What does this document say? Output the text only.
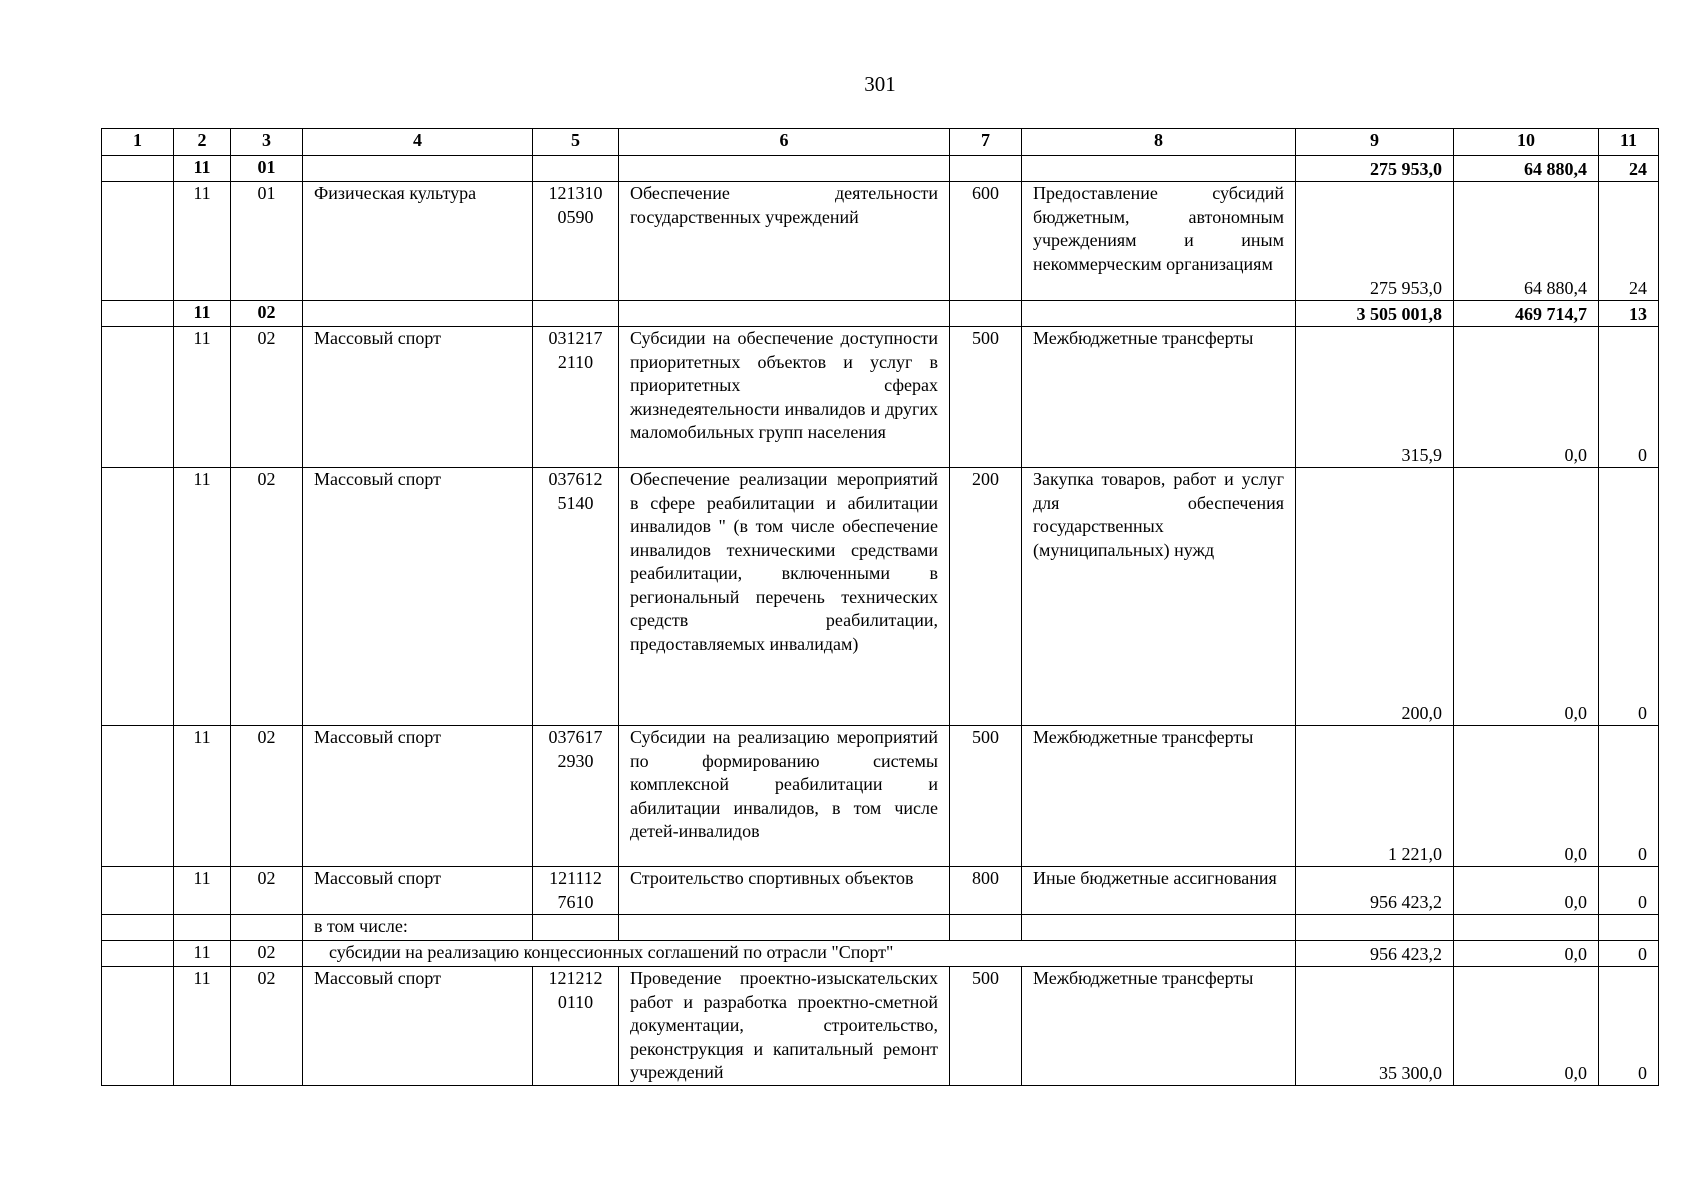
301
1	2	3	4	5	6	7	8	9	10	11
	11	01						275 953,0	64 880,4	24
	11	01	Физическая культура	121310 0590	Обеспечение деятельности государственных учреждений	600	Предоставление субсидий бюджетным, автономным учреждениям и иным некоммерческим организациям	275 953,0	64 880,4	24
	11	02						3 505 001,8	469 714,7	13
	11	02	Массовый спорт	031217 2110	Субсидии на обеспечение доступности приоритетных объектов и услуг в приоритетных сферах жизнедеятельности инвалидов и других маломобильных групп населения	500	Межбюджетные трансферты	315,9	0,0	0
	11	02	Массовый спорт	037612 5140	Обеспечение реализации мероприятий в сфере реабилитации и абилитации инвалидов " (в том числе обеспечение инвалидов техническими средствами реабилитации, включенными в региональный перечень технических средств реабилитации, предоставляемых инвалидам)	200	Закупка товаров, работ и услуг для обеспечения государственных (муниципальных) нужд	200,0	0,0	0
	11	02	Массовый спорт	037617 2930	Субсидии на реализацию мероприятий по формированию системы комплексной реабилитации и абилитации инвалидов, в том числе детей-инвалидов	500	Межбюджетные трансферты	1 221,0	0,0	0
	11	02	Массовый спорт	121112 7610	Строительство спортивных объектов	800	Иные бюджетные ассигнования	956 423,2	0,0	0
			в том числе:							
	11	02	субсидии на реализацию концессионных соглашений по отрасли "Спорт"					956 423,2	0,0	0
	11	02	Массовый спорт	121212 0110	Проведение проектно-изыскательских работ и разработка проектно-сметной документации, строительство, реконструкция и капитальный ремонт учреждений	500	Межбюджетные трансферты	35 300,0	0,0	0
